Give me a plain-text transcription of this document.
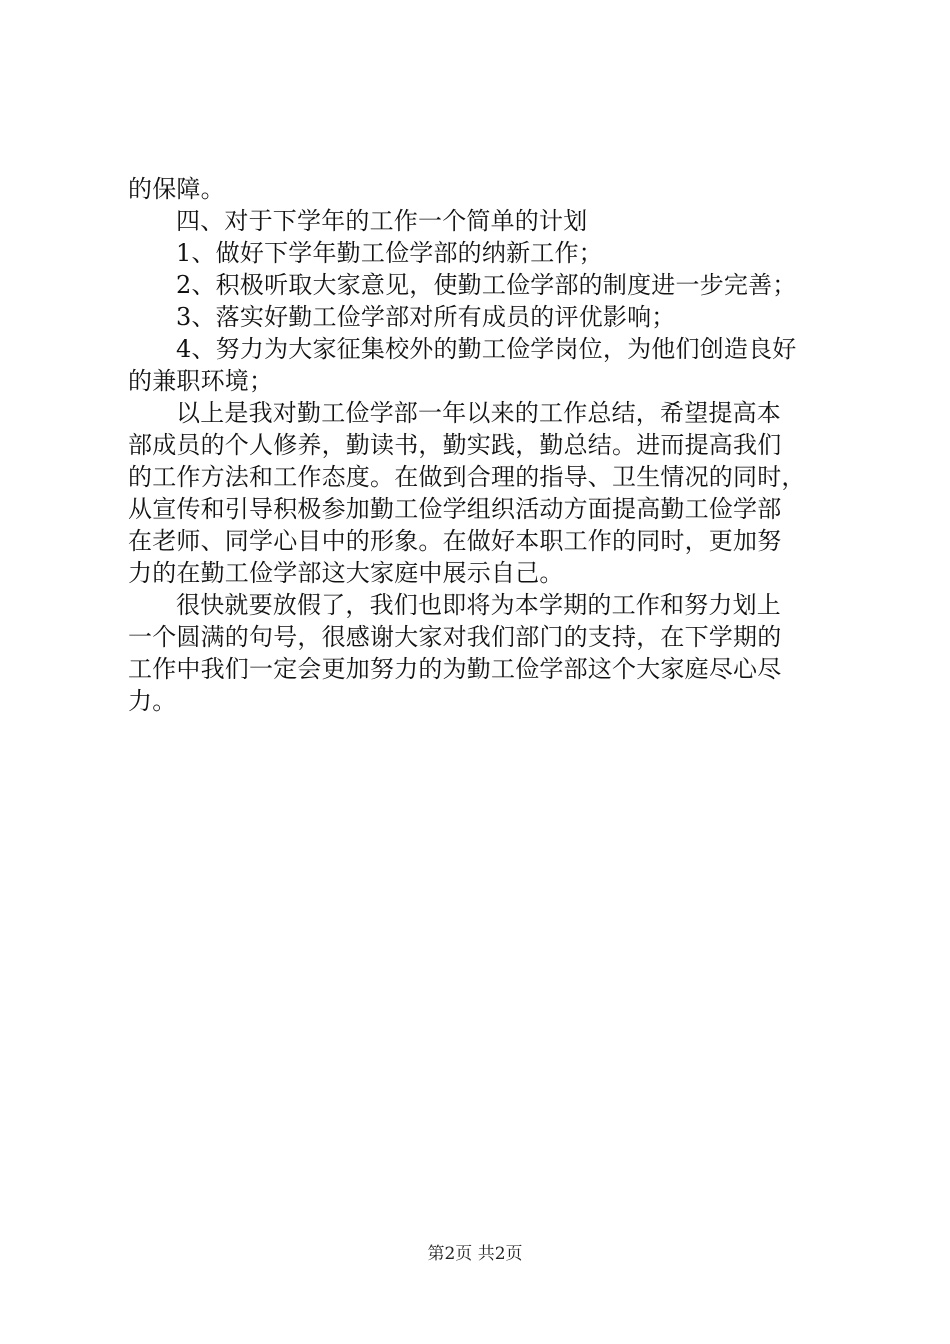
的保障。
四、对于下学年的工作一个简单的计划
1、做好下学年勤工俭学部的纳新工作；
2、积极听取大家意见，使勤工俭学部的制度进一步完善；
3、落实好勤工俭学部对所有成员的评优影响；
4、努力为大家征集校外的勤工俭学岗位，为他们创造良好
的兼职环境；
以上是我对勤工俭学部一年以来的工作总结，希望提高本
部成员的个人修养，勤读书，勤实践，勤总结。进而提高我们
的工作方法和工作态度。在做到合理的指导、卫生情况的同时，
从宣传和引导积极参加勤工俭学组织活动方面提高勤工俭学部
在老师、同学心目中的形象。在做好本职工作的同时，更加努
力的在勤工俭学部这大家庭中展示自己。
很快就要放假了，我们也即将为本学期的工作和努力划上
一个圆满的句号，很感谢大家对我们部门的支持，在下学期的
工作中我们一定会更加努力的为勤工俭学部这个大家庭尽心尽
力。
第2页 共2页
